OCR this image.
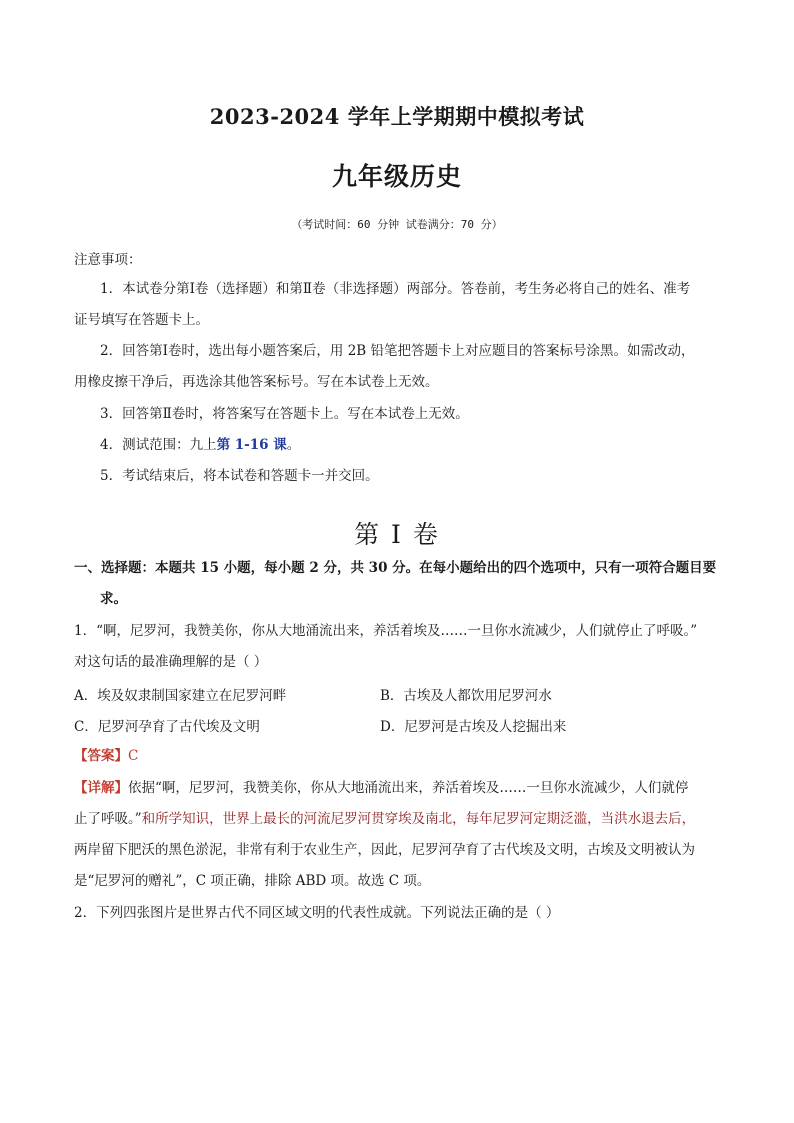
2023-2024 学年上学期期中模拟考试
九年级历史
（考试时间：60 分钟 试卷满分：70 分）
注意事项：
1．本试卷分第Ⅰ卷（选择题）和第Ⅱ卷（非选择题）两部分。答卷前，考生务必将自己的姓名、准考
证号填写在答题卡上。
2．回答第Ⅰ卷时，选出每小题答案后，用 2B 铅笔把答题卡上对应题目的答案标号涂黑。如需改动，
用橡皮擦干净后，再选涂其他答案标号。写在本试卷上无效。
3．回答第Ⅱ卷时，将答案写在答题卡上。写在本试卷上无效。
4．测试范围：九上第 1-16 课。
5．考试结束后，将本试卷和答题卡一并交回。
第 I 卷
一、选择题：本题共 15 小题，每小题 2 分，共 30 分。在每小题给出的四个选项中，只有一项符合题目要
求。
1．“啊，尼罗河，我赞美你，你从大地涌流出来，养活着埃及……一旦你水流减少，人们就停止了呼吸。”
对这句话的最准确理解的是（ ）
A．埃及奴隶制国家建立在尼罗河畔	B．古埃及人都饮用尼罗河水
C．尼罗河孕育了古代埃及文明	D．尼罗河是古埃及人挖掘出来
【答案】C
【详解】依据“啊，尼罗河，我赞美你，你从大地涌流出来，养活着埃及……一旦你水流减少，人们就停
止了呼吸。”和所学知识，世界上最长的河流尼罗河贯穿埃及南北，每年尼罗河定期泛滥，当洪水退去后，
两岸留下肥沃的黑色淤泥，非常有利于农业生产，因此，尼罗河孕育了古代埃及文明，古埃及文明被认为
是“尼罗河的赠礼”，C 项正确，排除 ABD 项。故选 C 项。
2．下列四张图片是世界古代不同区域文明的代表性成就。下列说法正确的是（ ）
